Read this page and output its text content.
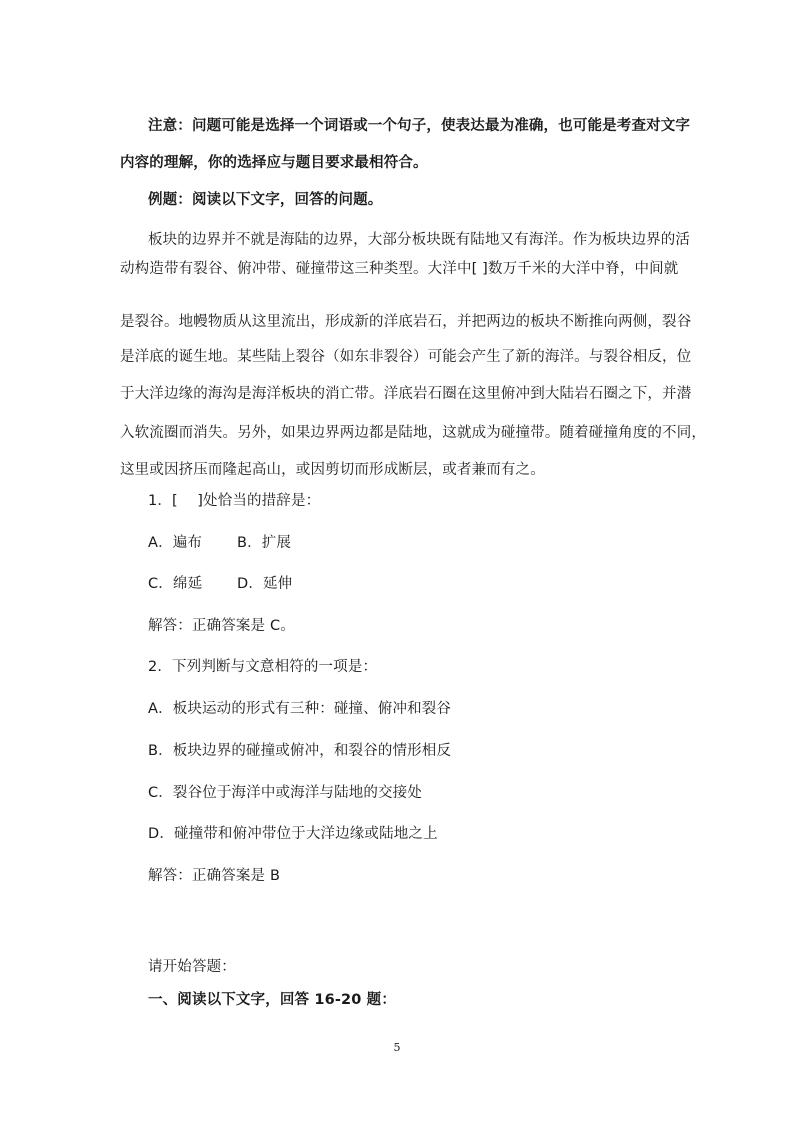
注意：问题可能是选择一个词语或一个句子，使表达最为准确，也可能是考查对文字
内容的理解，你的选择应与题目要求最相符合。
例题：阅读以下文字，回答的问题。
板块的边界并不就是海陆的边界，大部分板块既有陆地又有海洋。作为板块边界的活
动构造带有裂谷、俯冲带、碰撞带这三种类型。大洋中[ ]数万千米的大洋中脊，中间就
是裂谷。地幔物质从这里流出，形成新的洋底岩石，并把两边的板块不断推向两侧，裂谷
是洋底的诞生地。某些陆上裂谷（如东非裂谷）可能会产生了新的海洋。与裂谷相反，位
于大洋边缘的海沟是海洋板块的消亡带。洋底岩石圈在这里俯冲到大陆岩石圈之下，并潜
入软流圈而消失。另外，如果边界两边都是陆地，这就成为碰撞带。随着碰撞角度的不同，
这里或因挤压而隆起高山，或因剪切而形成断层，或者兼而有之。
1．[　 ]处恰当的措辞是：
A．遍布 B．扩展
C．绵延 D．延伸
解答：正确答案是 C。
2．下列判断与文意相符的一项是：
A．板块运动的形式有三种：碰撞、俯冲和裂谷
B．板块边界的碰撞或俯冲，和裂谷的情形相反
C．裂谷位于海洋中或海洋与陆地的交接处
D．碰撞带和俯冲带位于大洋边缘或陆地之上
解答：正确答案是 B
请开始答题：
一、阅读以下文字，回答 16-20 题：
5
